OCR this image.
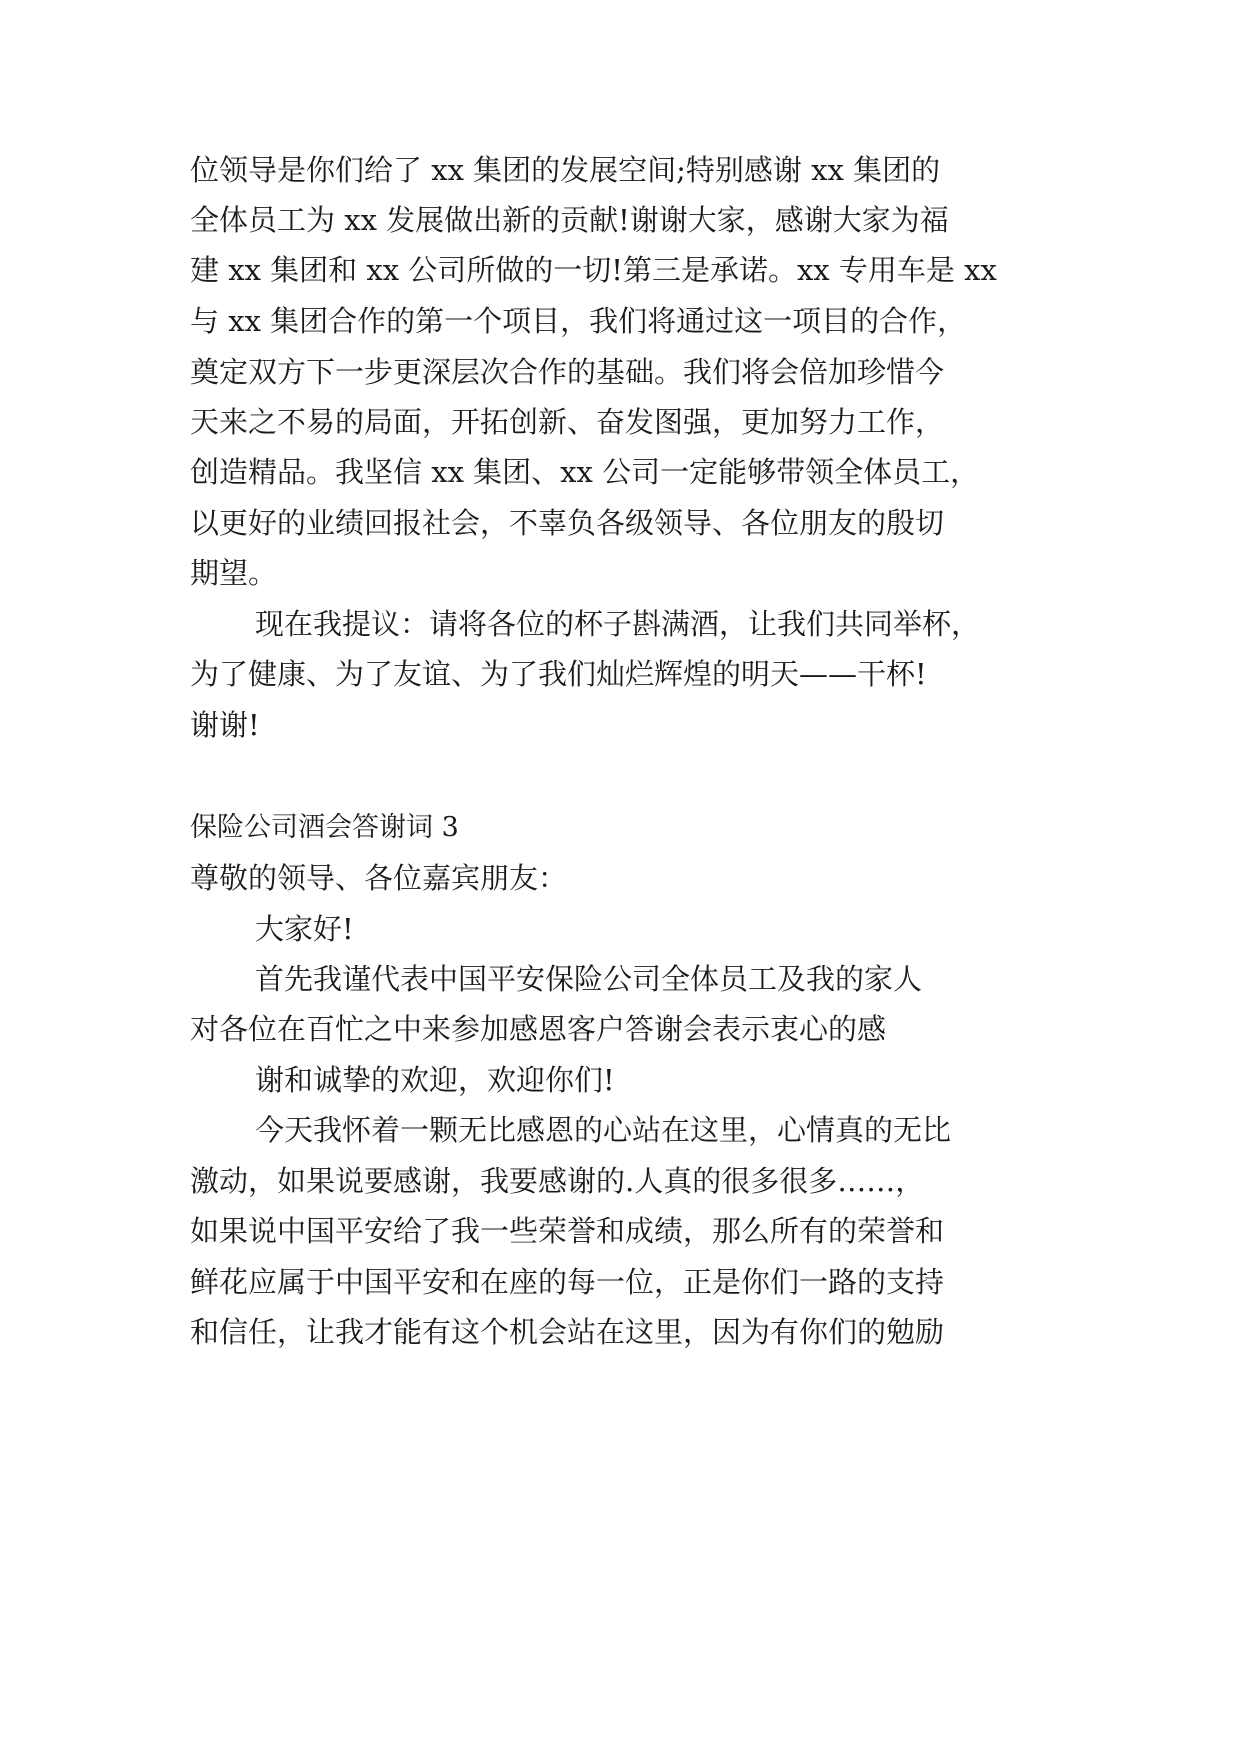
位领导是你们给了 xx 集团的发展空间;特别感谢 xx 集团的
全体员工为 xx 发展做出新的贡献!谢谢大家，感谢大家为福
建 xx 集团和 xx 公司所做的一切!第三是承诺。xx 专用车是 xx
与 xx 集团合作的第一个项目，我们将通过这一项目的合作，
奠定双方下一步更深层次合作的基础。我们将会倍加珍惜今
天来之不易的局面，开拓创新、奋发图强，更加努力工作，
创造精品。我坚信 xx 集团、xx 公司一定能够带领全体员工，
以更好的业绩回报社会，不辜负各级领导、各位朋友的殷切
期望。
现在我提议：请将各位的杯子斟满酒，让我们共同举杯，
为了健康、为了友谊、为了我们灿烂辉煌的明天——干杯!
谢谢!
保险公司酒会答谢词 3
尊敬的领导、各位嘉宾朋友：
大家好!
首先我谨代表中国平安保险公司全体员工及我的家人
对各位在百忙之中来参加感恩客户答谢会表示衷心的感
谢和诚挚的欢迎，欢迎你们!
今天我怀着一颗无比感恩的心站在这里，心情真的无比
激动，如果说要感谢，我要感谢的.人真的很多很多……，
如果说中国平安给了我一些荣誉和成绩，那么所有的荣誉和
鲜花应属于中国平安和在座的每一位，正是你们一路的支持
和信任，让我才能有这个机会站在这里，因为有你们的勉励
